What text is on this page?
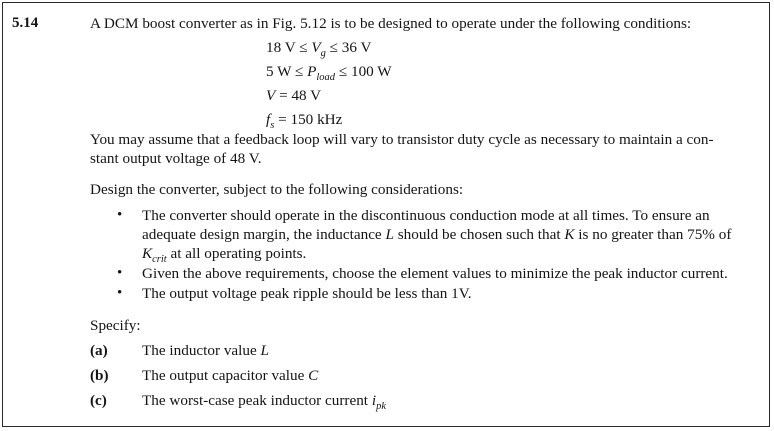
5.14	A DCM boost converter as in Fig. 5.12 is to be designed to operate under the following conditions:
18 $V \le V_g \le 36$ V
5 $W \le P_{load} \le 100$ W
V = 48 V
$f_s = 150$ kHz
You may assume that a feedback loop will vary to transistor duty cycle as necessary to maintain a con-
stant output voltage of 48 V.
Design the converter, subject to the following considerations:
• The converter should operate in the discontinuous conduction mode at all times. To ensure an
adequate design margin, the inductance L should be chosen such that K is no greater than 75% of
$K_{crit}$ at all operating points.
• Given the above requirements, choose the element values to minimize the peak inductor current.
• The output voltage peak ripple should be less than 1V.
Specify:
(a) The inductor value L
(b) The output capacitor value C
(c) The worst-case peak inductor current $i_{pk}$
